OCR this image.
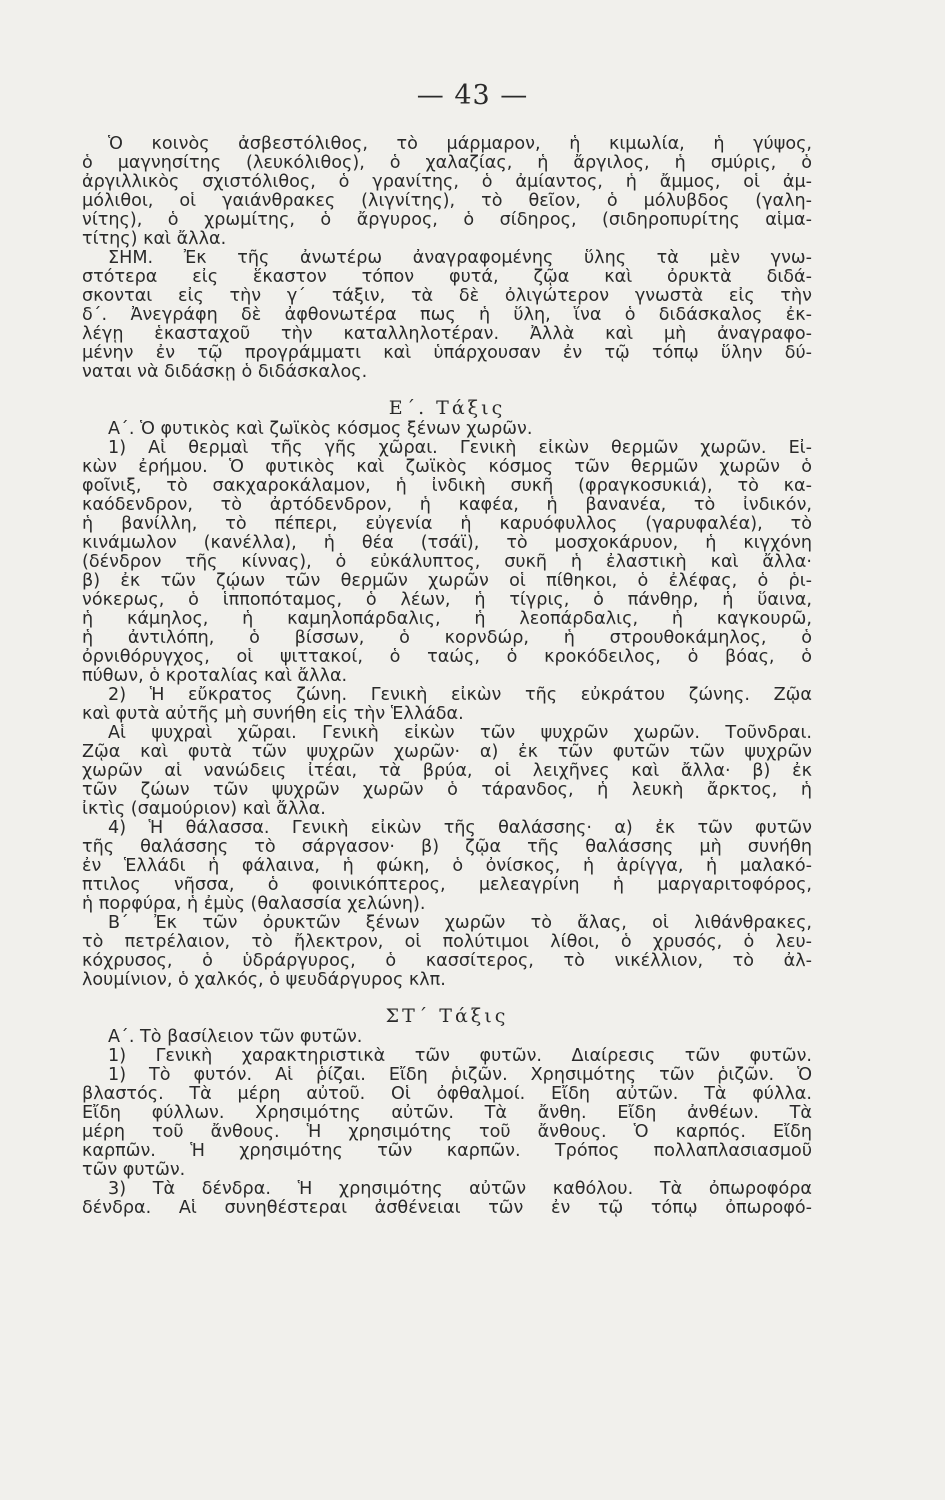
— 43 —
Ὁ κοινὸς ἀσβεστόλιθος, τὸ μάρμαρον, ἡ κιμωλία, ἡ γύψος,
ὁ μαγνησίτης (λευκόλιθος), ὁ χαλαζίας, ἡ ἄργιλος, ἡ σμύρις, ὁ
ἀργιλλικὸς σχιστόλιθος, ὁ γρανίτης, ὁ ἀμίαντος, ἡ ἄμμος, οἱ ἀμ-
μόλιθοι, οἱ γαιάνθρακες (λιγνίτης), τὸ θεῖον, ὁ μόλυβδος (γαλη-
νίτης), ὁ χρωμίτης, ὁ ἄργυρος, ὁ σίδηρος, (σιδηροπυρίτης αἱμα-
τίτης) καὶ ἄλλα.
ΣΗΜ. Ἐκ τῆς ἀνωτέρω ἀναγραφομένης ὕλης τὰ μὲν γνω-
στότερα εἰς ἕκαστον τόπον φυτά, ζῷα καὶ ὀρυκτὰ διδά-
σκονται εἰς τὴν γ΄ τάξιν, τὰ δὲ ὀλιγώτερον γνωστὰ εἰς τὴν
δ΄. Ἀνεγράφη δὲ ἀφθονωτέρα πως ἡ ὕλη, ἵνα ὁ διδάσκαλος ἐκ-
λέγῃ ἑκασταχοῦ τὴν καταλληλοτέραν. Ἀλλὰ καὶ μὴ ἀναγραφο-
μένην ἐν τῷ προγράμματι καὶ ὑπάρχουσαν ἐν τῷ τόπῳ ὕλην δύ-
ναται νὰ διδάσκῃ ὁ διδάσκαλος.
Ε΄. Τάξις
Α΄. Ὁ φυτικὸς καὶ ζωϊκὸς κόσμος ξένων χωρῶν.
1) Αἱ θερμαὶ τῆς γῆς χῶραι. Γενικὴ εἰκὼν θερμῶν χωρῶν. Εἰ-
κὼν ἐρήμου. Ὁ φυτικὸς καὶ ζωϊκὸς κόσμος τῶν θερμῶν χωρῶν ὁ
φοῖνιξ, τὸ σακχαροκάλαμον, ἡ ἰνδικὴ συκῆ (φραγκοσυκιά), τὸ κα-
καόδενδρον, τὸ ἀρτόδενδρον, ἡ καφέα, ἡ βανανέα, τὸ ἰνδικόν,
ἡ βανίλλη, τὸ πέπερι, εὐγενία ἡ καρυόφυλλος (γαρυφαλέα), τὸ
κινάμωλον (κανέλλα), ἡ θέα (τσάϊ), τὸ μοσχοκάρυον, ἡ κιγχόνη
(δένδρον τῆς κίννας), ὁ εὐκάλυπτος, συκῆ ἡ ἐλαστικὴ καὶ ἄλλα·
β) ἐκ τῶν ζῴων τῶν θερμῶν χωρῶν οἱ πίθηκοι, ὁ ἐλέφας, ὁ ῥι-
νόκερως, ὁ ἱπποπόταμος, ὁ λέων, ἡ τίγρις, ὁ πάνθηρ, ἡ ὕαινα,
ἡ κάμηλος, ἡ καμηλοπάρδαλις, ἡ λεοπάρδαλις, ἡ καγκουρῶ,
ἡ ἀντιλόπη, ὁ βίσσων, ὁ κορνδώρ, ἡ στρουθοκάμηλος, ὁ
ὀρνιθόρυγχος, οἱ ψιττακοί, ὁ ταώς, ὁ κροκόδειλος, ὁ βόας, ὁ
πύθων, ὁ κροταλίας καὶ ἄλλα.
2) Ἡ εὔκρατος ζώνη. Γενικὴ εἰκὼν τῆς εὐκράτου ζώνης. Ζῷα
καὶ φυτὰ αὐτῆς μὴ συνήθη εἰς τὴν Ἑλλάδα.
Αἱ ψυχραὶ χῶραι. Γενικὴ εἰκὼν τῶν ψυχρῶν χωρῶν. Τοῦνδραι.
Ζῷα καὶ φυτὰ τῶν ψυχρῶν χωρῶν· α) ἐκ τῶν φυτῶν τῶν ψυχρῶν
χωρῶν αἱ νανώδεις ἰτέαι, τὰ βρύα, οἱ λειχῆνες καὶ ἄλλα· β) ἐκ
τῶν ζώων τῶν ψυχρῶν χωρῶν ὁ τάρανδος, ἡ λευκὴ ἄρκτος, ἡ
ἰκτὶς (σαμούριον) καὶ ἄλλα.
4) Ἡ θάλασσα. Γενικὴ εἰκὼν τῆς θαλάσσης· α) ἐκ τῶν φυτῶν
τῆς θαλάσσης τὸ σάργασον· β) ζῷα τῆς θαλάσσης μὴ συνήθη
ἐν Ἑλλάδι ἡ φάλαινα, ἡ φώκη, ὁ ὀνίσκος, ἡ ἀρίγγα, ἡ μαλακό-
πτιλος νῆσσα, ὁ φοινικόπτερος, μελεαγρίνη ἡ μαργαριτοφόρος,
ἡ πορφύρα, ἡ ἐμὺς (θαλασσία χελώνη).
Β΄ Ἐκ τῶν ὀρυκτῶν ξένων χωρῶν τὸ ἅλας, οἱ λιθάνθρακες,
τὸ πετρέλαιον, τὸ ἤλεκτρον, οἱ πολύτιμοι λίθοι, ὁ χρυσός, ὁ λευ-
κόχρυσος, ὁ ὑδράργυρος, ὁ κασσίτερος, τὸ νικέλλιον, τὸ ἀλ-
λουμίνιον, ὁ χαλκός, ὁ ψευδάργυρος κλπ.
ΣΤ΄ Τάξις
Α΄. Τὸ βασίλειον τῶν φυτῶν.
1) Γενικὴ χαρακτηριστικὰ τῶν φυτῶν. Διαίρεσις τῶν φυτῶν.
1) Τὸ φυτόν. Αἱ ῥίζαι. Εἴδη ῥιζῶν. Χρησιμότης τῶν ῥιζῶν. Ὁ
βλαστός. Τὰ μέρη αὐτοῦ. Οἱ ὀφθαλμοί. Εἴδη αὐτῶν. Τὰ φύλλα.
Εἴδη φύλλων. Χρησιμότης αὐτῶν. Τὰ ἄνθη. Εἴδη ἀνθέων. Τὰ
μέρη τοῦ ἄνθους. Ἡ χρησιμότης τοῦ ἄνθους. Ὁ καρπός. Εἴδη
καρπῶν. Ἡ χρησιμότης τῶν καρπῶν. Τρόπος πολλαπλασιασμοῦ
τῶν φυτῶν.
3) Τὰ δένδρα. Ἡ χρησιμότης αὐτῶν καθόλου. Τὰ ὀπωροφόρα
δένδρα. Αἱ συνηθέστεραι ἀσθένειαι τῶν ἐν τῷ τόπῳ ὀπωροφό-
